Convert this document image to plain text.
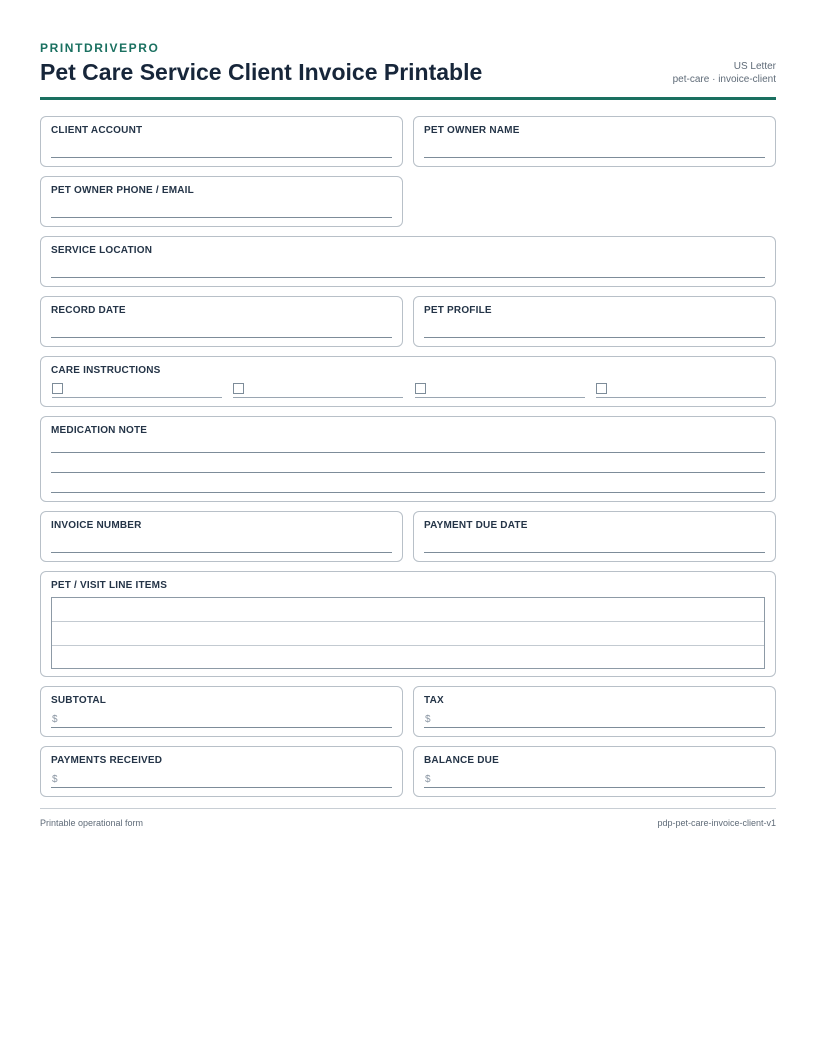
PRINTDRIVEPRO
Pet Care Service Client Invoice Printable	US Letter
pet-care · invoice-client
CLIENT ACCOUNT	PET OWNER NAME
PET OWNER PHONE / EMAIL
SERVICE LOCATION
RECORD DATE	PET PROFILE
CARE INSTRUCTIONS
MEDICATION NOTE
INVOICE NUMBER	PAYMENT DUE DATE
PET / VISIT LINE ITEMS
SUBTOTAL
$
TAX
$
PAYMENTS RECEIVED
$
BALANCE DUE
$
Printable operational form	pdp-pet-care-invoice-client-v1
